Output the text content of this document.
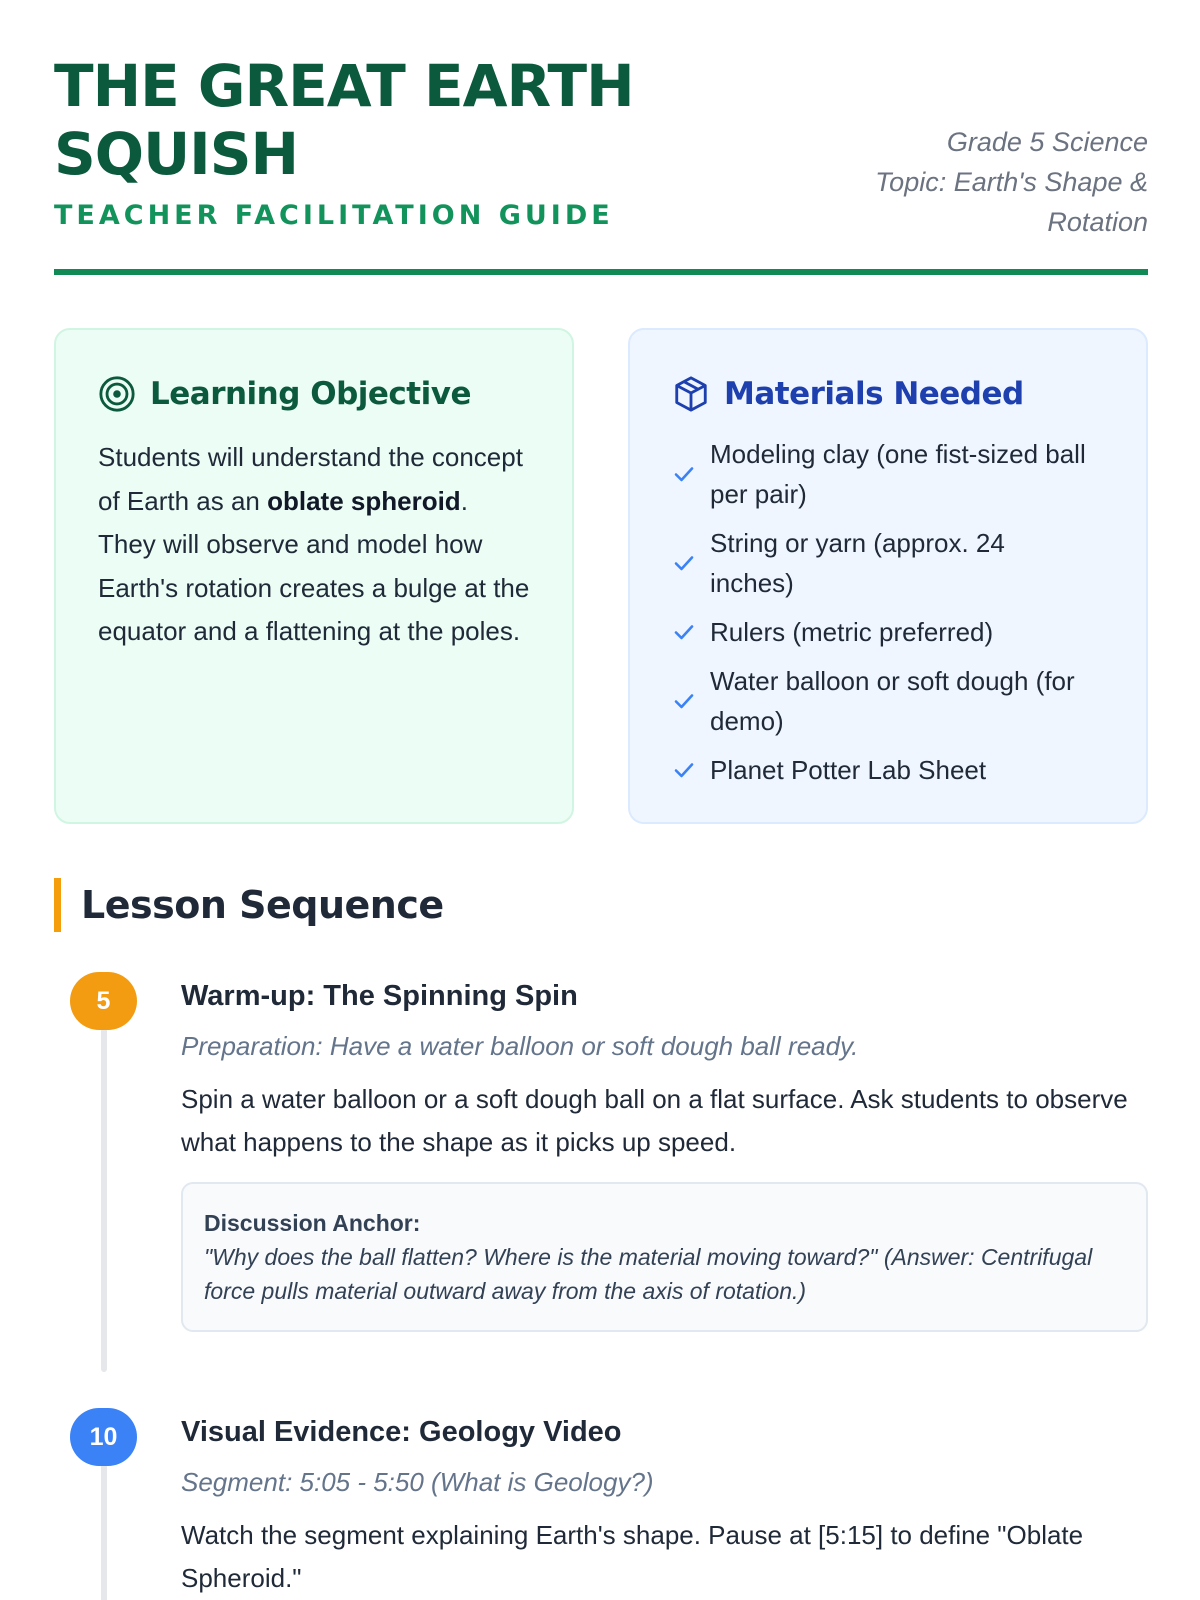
THE GREAT EARTH SQUISH
TEACHER FACILITATION GUIDE
Grade 5 Science
Topic: Earth's Shape & Rotation
Learning Objective

Students will understand the concept of Earth as an oblate spheroid. They will observe and model how Earth's rotation creates a bulge at the equator and a flattening at the poles.

Materials Needed
Modeling clay (one fist-sized ball per pair)
String or yarn (approx. 24 inches)
Rulers (metric preferred)
Water balloon or soft dough (for demo)
Planet Potter Lab Sheet
Lesson Sequence
5	Warm-up: The Spinning Spin

Preparation: Have a water balloon or soft dough ball ready.

Spin a water balloon or a soft dough ball on a flat surface. Ask students to observe what happens to the shape as it picks up speed.

Discussion Anchor:
"Why does the ball flatten? Where is the material moving toward?" (Answer: Centrifugal force pulls material outward away from the axis of rotation.)
10	Visual Evidence: Geology Video

Segment: 5:05 - 5:50 (What is Geology?)

Watch the segment explaining Earth's shape. Pause at [5:15] to define "Oblate Spheroid."
